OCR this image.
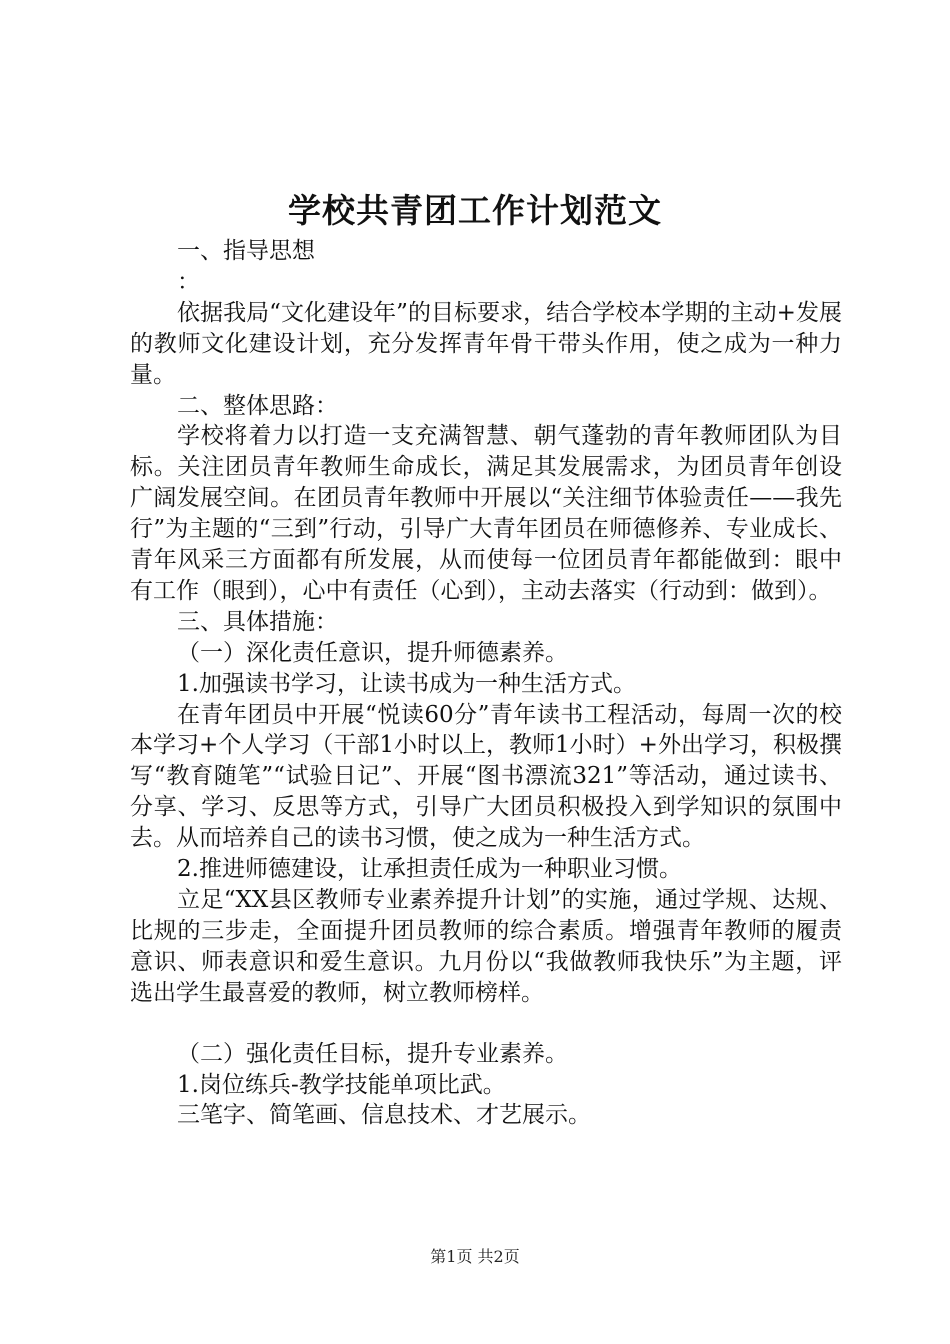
学校共青团工作计划范文

一、指导思想

：

依据我局“文化建设年”的目标要求，结合学校本学期的主动+发展的教师文化建设计划，充分发挥青年骨干带头作用，使之成为一种力量。

二、整体思路：

学校将着力以打造一支充满智慧、朝气蓬勃的青年教师团队为目标。关注团员青年教师生命成长，满足其发展需求，为团员青年创设广阔发展空间。在团员青年教师中开展以“关注细节体验责任——我先行”为主题的“三到”行动，引导广大青年团员在师德修养、专业成长、青年风采三方面都有所发展，从而使每一位团员青年都能做到：眼中有工作（眼到），心中有责任（心到），主动去落实（行动到：做到）。

三、具体措施：

（一）深化责任意识，提升师德素养。

1.加强读书学习，让读书成为一种生活方式。

在青年团员中开展“悦读60分”青年读书工程活动，每周一次的校本学习+个人学习（干部1小时以上，教师1小时）+外出学习，积极撰写“教育随笔”“试验日记”、开展“图书漂流321”等活动，通过读书、分享、学习、反思等方式，引导广大团员积极投入到学知识的氛围中去。从而培养自己的读书习惯，使之成为一种生活方式。

2.推进师德建设，让承担责任成为一种职业习惯。

立足“XX县区教师专业素养提升计划”的实施，通过学规、达规、比规的三步走，全面提升团员教师的综合素质。增强青年教师的履责意识、师表意识和爱生意识。九月份以“我做教师我快乐”为主题，评选出学生最喜爱的教师，树立教师榜样。

（二）强化责任目标，提升专业素养。

1.岗位练兵-教学技能单项比武。

三笔字、简笔画、信息技术、才艺展示。

第1页 共2页
